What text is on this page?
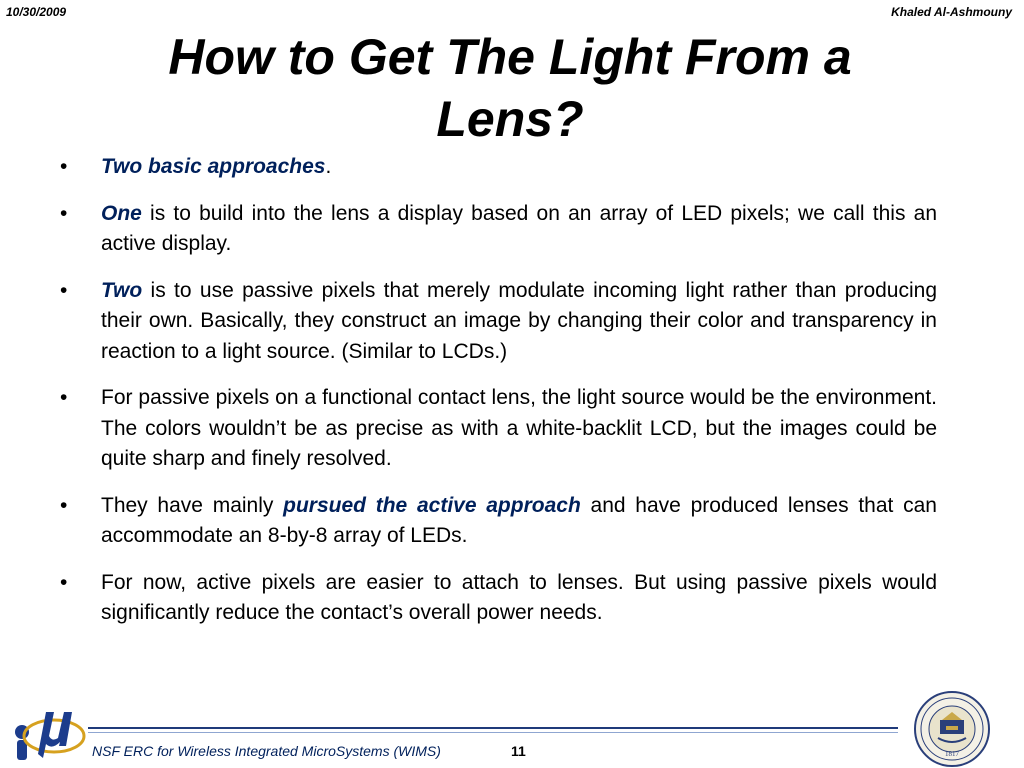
10/30/2009	Khaled Al-Ashmouny
How to Get The Light From a
Lens?
• Two basic approaches.
• One is to build into the lens a display based on an array of LED pixels; we call this an active display.
• Two is to use passive pixels that merely modulate incoming light rather than producing their own. Basically, they construct an image by changing their color and transparency in reaction to a light source. (Similar to LCDs.)
• For passive pixels on a functional contact lens, the light source would be the environment. The colors wouldn’t be as precise as with a white-backlit LCD, but the images could be quite sharp and finely resolved.
• They have mainly pursued the active approach and have produced lenses that can accommodate an 8-by-8 array of LEDs.
• For now, active pixels are easier to attach to lenses. But using passive pixels would significantly reduce the contact’s overall power needs.
NSF ERC for Wireless Integrated MicroSystems (WIMS)	11	1817
